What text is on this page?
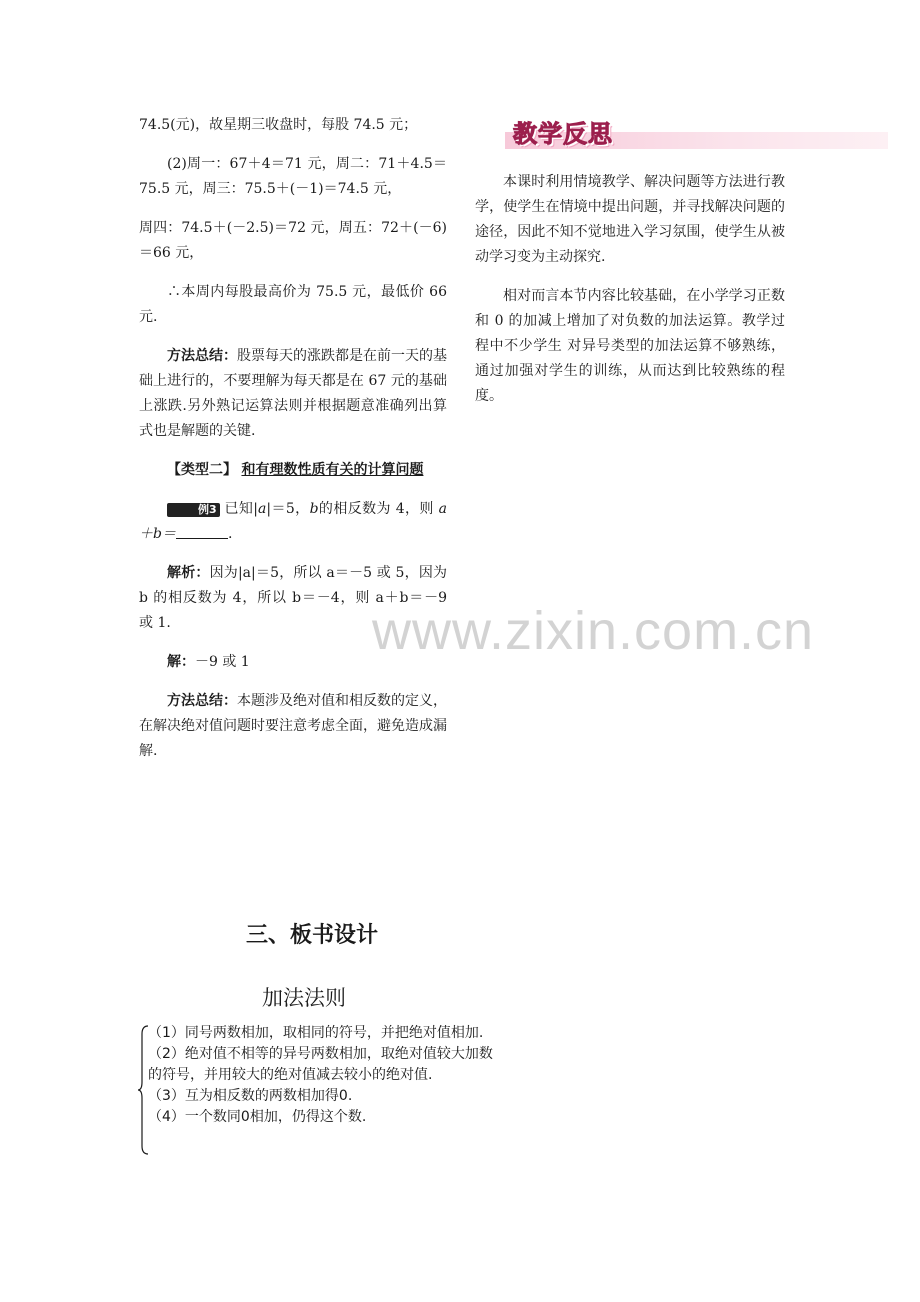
74.5(元)，故星期三收盘时，每股 74.5 元；

(2)周一：67＋4＝71 元，周二：71＋4.5＝75.5 元，周三：75.5＋(－1)＝74.5 元，

周四：74.5＋(－2.5)＝72 元，周五：72＋(－6)＝66 元，

∴本周内每股最高价为 75.5 元，最低价 66 元.

方法总结：股票每天的涨跌都是在前一天的基础上进行的，不要理解为每天都是在 67 元的基础上涨跌.另外熟记运算法则并根据题意准确列出算式也是解题的关键.

【类型二】 和有理数性质有关的计算问题

例3 已知|a|＝5，b的相反数为 4，则 a＋b＝	.

解析：因为|a|＝5，所以 a＝－5 或 5，因为 b 的相反数为 4，所以 b＝－4，则 a＋b＝－9 或 1.

解：－9 或 1

方法总结：本题涉及绝对值和相反数的定义，在解决绝对值问题时要注意考虑全面，避免造成漏解.

教学反思

本课时利用情境教学、解决问题等方法进行教学，使学生在情境中提出问题，并寻找解决问题的途径，因此不知不觉地进入学习氛围，使学生从被动学习变为主动探究.

相对而言本节内容比较基础，在小学学习正数和 0 的加减上增加了对负数的加法运算。教学过程中不少学生 对异号类型的加法运算不够熟练，通过加强对学生的训练，从而达到比较熟练的程度。

www.zixin.com.cn
三、板书设计
加法法则

（1）同号两数相加，取相同的符号，并把绝对值相加.

（2）绝对值不相等的异号两数相加，取绝对值较大加数的符号，并用较大的绝对值减去较小的绝对值.

（3）互为相反数的两数相加得0.

（4）一个数同0相加，仍得这个数.
